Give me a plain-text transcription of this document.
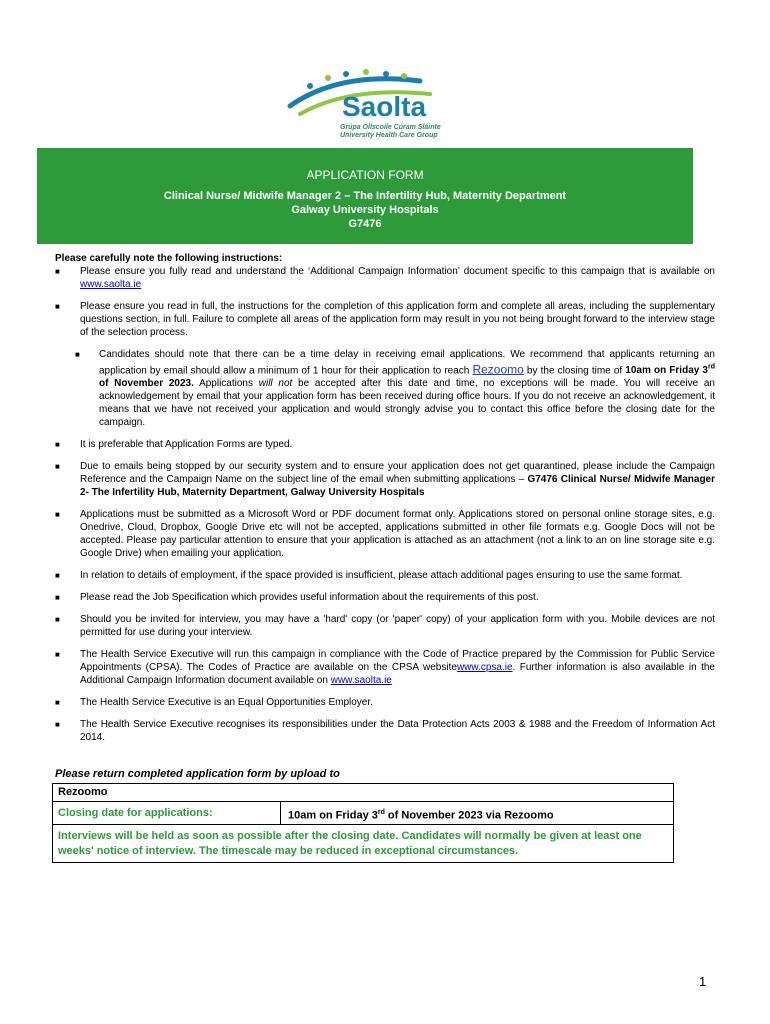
Saolta
Grúpa Ollscoile Cúram Sláinte
University Health Care Group
APPLICATION FORM
Clinical Nurse/ Midwife Manager 2 – The Infertility Hub, Maternity Department
Galway University Hospitals
G7476
Please carefully note the following instructions:
■ Please ensure you fully read and understand the ‘Additional Campaign Information’ document specific to this campaign that is available on www.saolta.ie
■ Please ensure you read in full, the instructions for the completion of this application form and complete all areas, including the supplementary questions section, in full. Failure to complete all areas of the application form may result in you not being brought forward to the interview stage of the selection process.
■ Candidates should note that there can be a time delay in receiving email applications. We recommend that applicants returning an application by email should allow a minimum of 1 hour for their application to reach Rezoomo by the closing time of 10am on Friday 3rd of November 2023. Applications will not be accepted after this date and time, no exceptions will be made. You will receive an acknowledgement by email that your application form has been received during office hours. If you do not receive an acknowledgement, it means that we have not received your application and would strongly advise you to contact this office before the closing date for the campaign.
■ It is preferable that Application Forms are typed.
■ Due to emails being stopped by our security system and to ensure your application does not get quarantined, please include the Campaign Reference and the Campaign Name on the subject line of the email when submitting applications – G7476 Clinical Nurse/ Midwife Manager 2- The Infertility Hub, Maternity Department, Galway University Hospitals
■ Applications must be submitted as a Microsoft Word or PDF document format only. Applications stored on personal online storage sites, e.g. Onedrive, Cloud, Dropbox, Google Drive etc will not be accepted, applications submitted in other file formats e.g. Google Docs will not be accepted. Please pay particular attention to ensure that your application is attached as an attachment (not a link to an on line storage site e.g. Google Drive) when emailing your application.
■ In relation to details of employment, if the space provided is insufficient, please attach additional pages ensuring to use the same format.
■ Please read the Job Specification which provides useful information about the requirements of this post.
■ Should you be invited for interview, you may have a 'hard' copy (or 'paper' copy) of your application form with you. Mobile devices are not permitted for use during your interview.
■ The Health Service Executive will run this campaign in compliance with the Code of Practice prepared by the Commission for Public Service Appointments (CPSA). The Codes of Practice are available on the CPSA websitewww.cpsa.ie. Further information is also available in the Additional Campaign Information document available on www.saolta.ie
■ The Health Service Executive is an Equal Opportunities Employer.
■ The Health Service Executive recognises its responsibilities under the Data Protection Acts 2003 & 1988 and the Freedom of Information Act 2014.
Please return completed application form by upload to
Rezoomo
Closing date for applications:	10am on Friday 3rd of November 2023 via Rezoomo
Interviews will be held as soon as possible after the closing date. Candidates will normally be given at least one weeks' notice of interview. The timescale may be reduced in exceptional circumstances.
1
